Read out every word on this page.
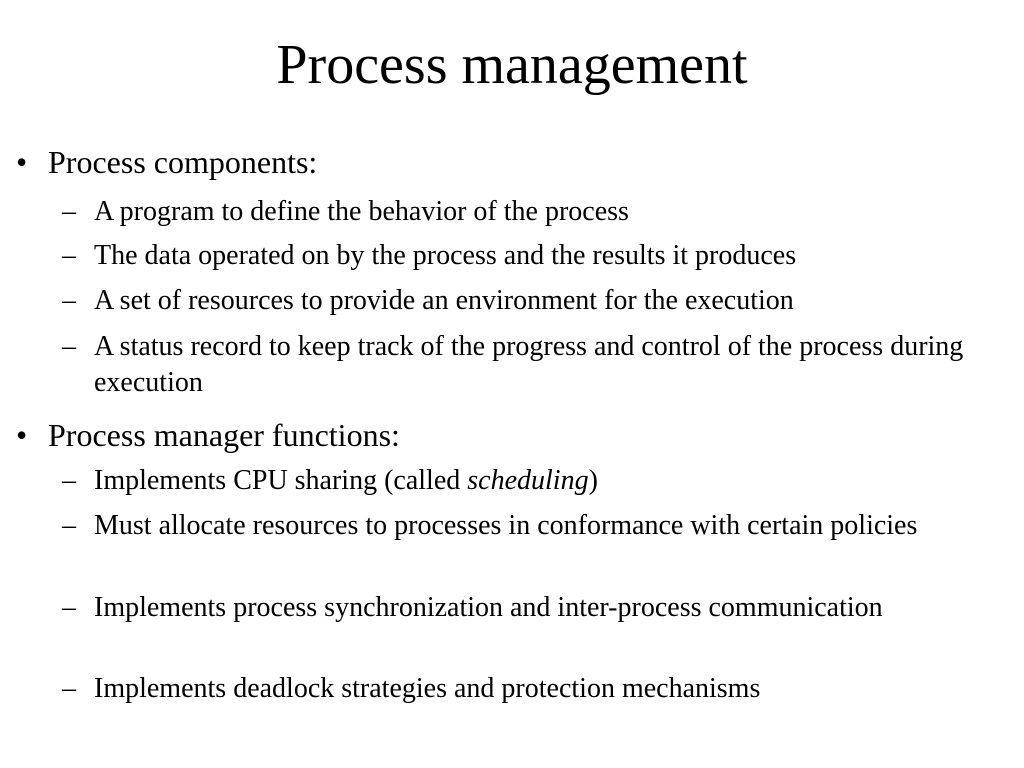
Process management
• Process components:
– A program to define the behavior of the process
– The data operated on by the process and the results it produces
– A set of resources to provide an environment for the execution
– A status record to keep track of the progress and control of the process during execution
• Process manager functions:
– Implements CPU sharing (called scheduling)
– Must allocate resources to processes in conformance with certain policies
– Implements process synchronization and inter-process communication
– Implements deadlock strategies and protection mechanisms
